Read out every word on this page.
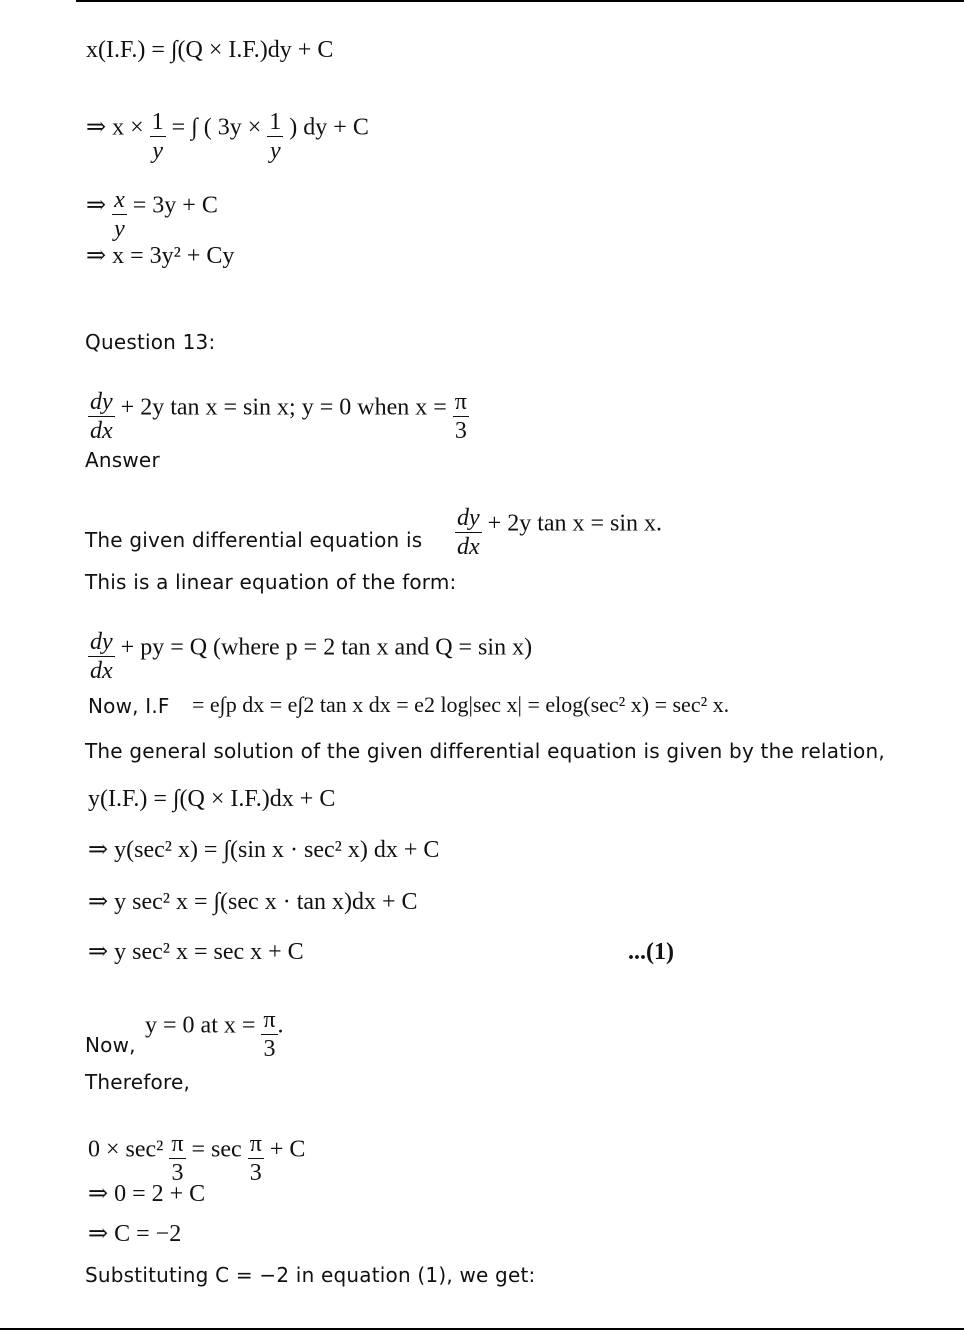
x(I.F.) = ∫(Q × I.F.)dy + C
⇒ $x \times \frac{1}{y}$ = ∫ ( $3y \times \frac{1}{y}$ ) dy + C
⇒ $\frac{x}{y} = 3y + C$
⇒ x = 3y² + Cy
Question 13:
$\frac{dy}{dx} + 2y$ tan x = sin x; y = 0 when $x = \frac{\pi}{3}$
Answer
The given differential equation is $\frac{dy}{dx} + 2y$ tan x = sin x.
This is a linear equation of the form:
$\frac{dy}{dx}$ + py = Q (where p = 2 tan x and Q = sin x)
Now, I.F = e∫p dx = e∫2 tan x dx = e2 log|sec x| = elog(sec² x) = sec² x.
The general solution of the given differential equation is given by the relation,
y(I.F.) = ∫(Q × I.F.)dx + C
⇒ y(sec² x) = ∫(sin x · sec² x) dx + C
⇒ y sec² x = ∫(sec x · tan x)dx + C
⇒ y sec² x = sec x + C	...(1)
y = 0 at $x = \frac{\pi}{3}$ .
Now,
Therefore,
$0 \times \sec^2 \frac{\pi}{3} = \sec \frac{\pi}{3} + C$
⇒ 0 = 2 + C
⇒ C = −2
Substituting C = −2 in equation (1), we get:
